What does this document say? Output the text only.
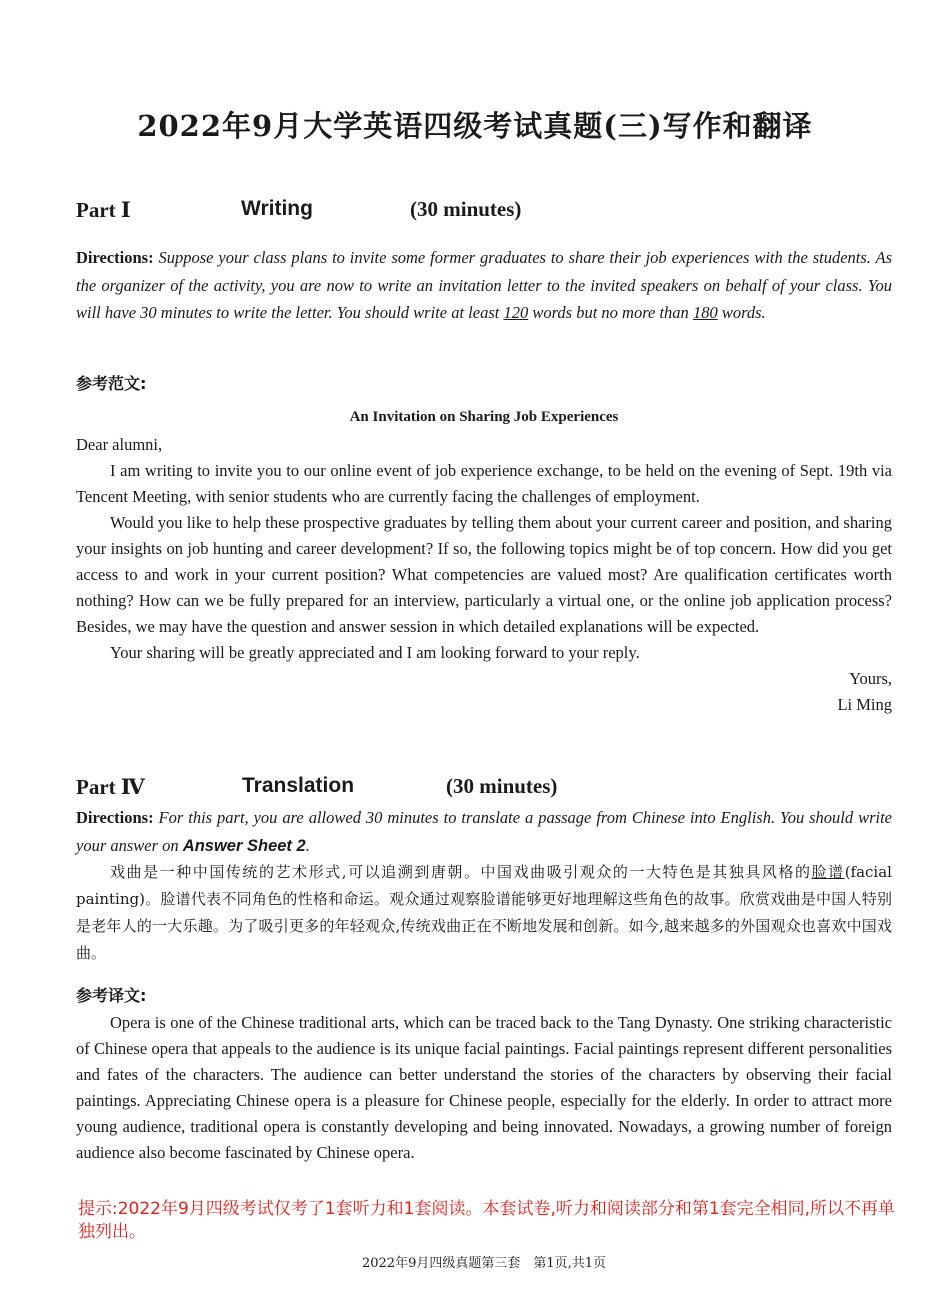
2022年9月大学英语四级考试真题(三)写作和翻译
Part Ⅰ	Writing	(30 minutes)
Directions: Suppose your class plans to invite some former graduates to share their job experiences with the students. As the organizer of the activity, you are now to write an invitation letter to the invited speakers on behalf of your class. You will have 30 minutes to write the letter. You should write at least 120 words but no more than 180 words.
参考范文:
An Invitation on Sharing Job Experiences

Dear alumni,

I am writing to invite you to our online event of job experience exchange, to be held on the evening of Sept. 19th via Tencent Meeting, with senior students who are currently facing the challenges of employment.

Would you like to help these prospective graduates by telling them about your current career and position, and sharing your insights on job hunting and career development? If so, the following topics might be of top concern. How did you get access to and work in your current position? What competencies are valued most? Are qualification certificates worth nothing? How can we be fully prepared for an interview, particularly a virtual one, or the online job application process? Besides, we may have the question and answer session in which detailed explanations will be expected.

Your sharing will be greatly appreciated and I am looking forward to your reply.

Yours,

Li Ming

Part Ⅳ	Translation	(30 minutes)
Directions: For this part, you are allowed 30 minutes to translate a passage from Chinese into English. You should write your answer on Answer Sheet 2.
戏曲是一种中国传统的艺术形式,可以追溯到唐朝。中国戏曲吸引观众的一大特色是其独具风格的脸谱(facial painting)。脸谱代表不同角色的性格和命运。观众通过观察脸谱能够更好地理解这些角色的故事。欣赏戏曲是中国人特别是老年人的一大乐趣。为了吸引更多的年轻观众,传统戏曲正在不断地发展和创新。如今,越来越多的外国观众也喜欢中国戏曲。
参考译文:

Opera is one of the Chinese traditional arts, which can be traced back to the Tang Dynasty. One striking characteristic of Chinese opera that appeals to the audience is its unique facial paintings. Facial paintings represent different personalities and fates of the characters. The audience can better understand the stories of the characters by observing their facial paintings. Appreciating Chinese opera is a pleasure for Chinese people, especially for the elderly. In order to attract more young audience, traditional opera is constantly developing and being innovated. Nowadays, a growing number of foreign audience also become fascinated by Chinese opera.

提示:2022年9月四级考试仅考了1套听力和1套阅读。本套试卷,听力和阅读部分和第1套完全相同,所以不再单独列出。
2022年9月四级真题第三套　第1页,共1页
